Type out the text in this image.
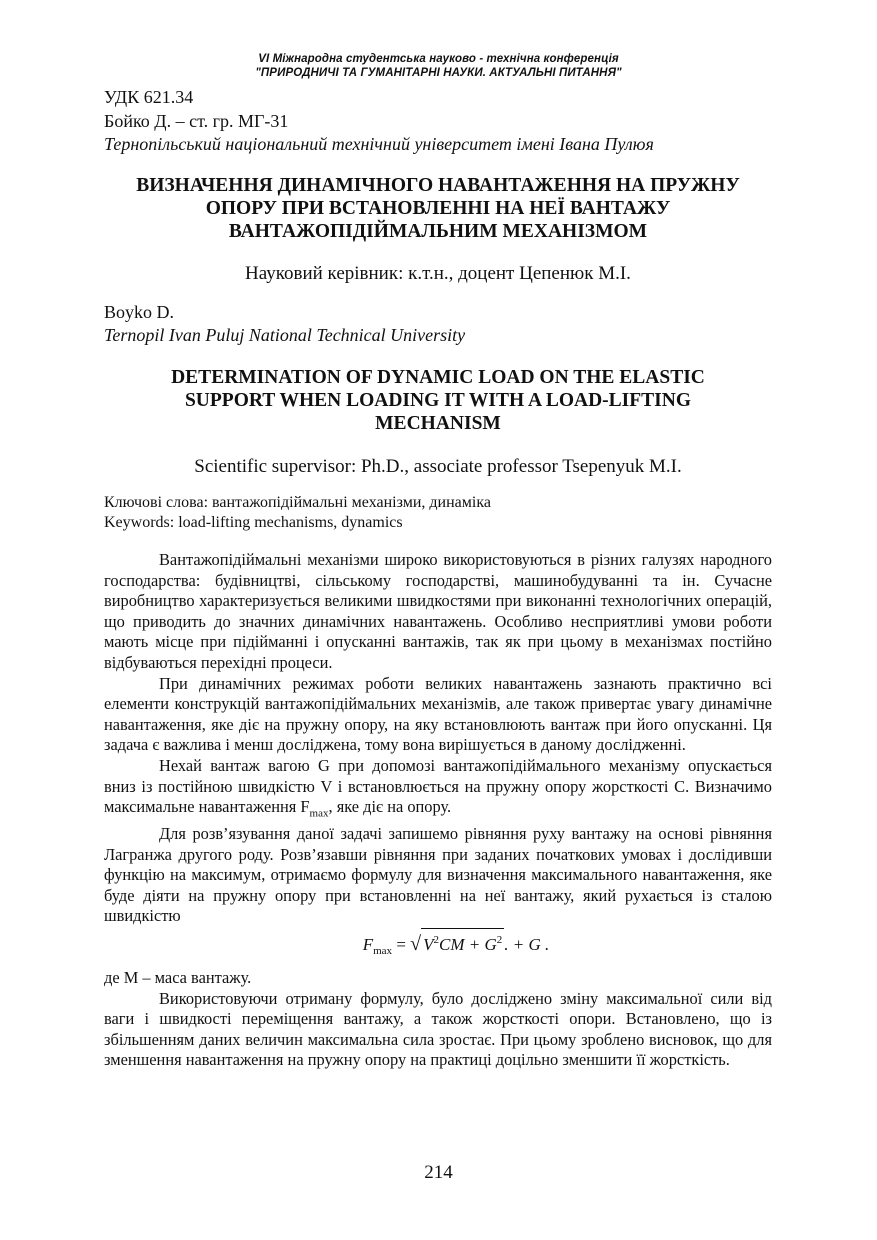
VI Міжнародна студентська науково - технічна конференція
"ПРИРОДНИЧІ ТА ГУМАНІТАРНІ НАУКИ. АКТУАЛЬНІ ПИТАННЯ"
УДК 621.34
Бойко Д. – ст. гр. МГ-31
Тернопільський національний технічний університет імені Івана Пулюя
ВИЗНАЧЕННЯ ДИНАМІЧНОГО НАВАНТАЖЕННЯ НА ПРУЖНУ
ОПОРУ ПРИ ВСТАНОВЛЕННІ НА НЕЇ ВАНТАЖУ
ВАНТАЖОПІДІЙМАЛЬНИМ МЕХАНІЗМОМ
Науковий керівник: к.т.н., доцент Цепенюк М.І.
Boyko D.
Ternopil Ivan Puluj National Technical University
DETERMINATION OF DYNAMIC LOAD ON THE ELASTIC
SUPPORT WHEN LOADING IT WITH A LOAD-LIFTING
MECHANISM
Scientific supervisor: Ph.D., associate professor Tsepenyuk M.I.
Ключові слова: вантажопідіймальні механізми, динаміка
Keywords: load-lifting mechanisms, dynamics

Вантажопідіймальні механізми широко використовуються в різних галузях народного господарства: будівництві, сільському господарстві, машинобудуванні та ін. Сучасне виробництво характеризується великими швидкостями при виконанні технологічних операцій, що приводить до значних динамічних навантажень. Особливо несприятливі умови роботи мають місце при підійманні і опусканні вантажів, так як при цьому в механізмах постійно відбуваються перехідні процеси.

При динамічних режимах роботи великих навантажень зазнають практично всі елементи конструкцій вантажопідіймальних механізмів, але також привертає увагу динамічне навантаження, яке діє на пружну опору, на яку встановлюють вантаж при його опусканні. Ця задача є важлива і менш досліджена, тому вона вирішується в даному дослідженні.

Нехай вантаж вагою G при допомозі вантажопідіймального механізму опускається вниз із постійною швидкістю V і встановлюється на пружну опору жорсткості С. Визначимо максимальне навантаження $F_{max}$, яке діє на опору.

Для розв’язування даної задачі запишемо рівняння руху вантажу на основі рівняння Лагранжа другого роду. Розв’язавши рівняння при заданих початкових умовах і дослідивши функцію на максимум, отримаємо формулу для визначення максимального навантаження, яке буде діяти на пружну опору при встановленні на неї вантажу, який рухається із сталою швидкістю

$F_{max}$ = √ $V^2CM + G^2$ . + G .

де М – маса вантажу.

Використовуючи отриману формулу, було досліджено зміну максимальної сили від ваги і швидкості переміщення вантажу, а також жорсткості опори. Встановлено, що із збільшенням даних величин максимальна сила зростає. При цьому зроблено висновок, що для зменшення навантаження на пружну опору на практиці доцільно зменшити її жорсткість.

214
